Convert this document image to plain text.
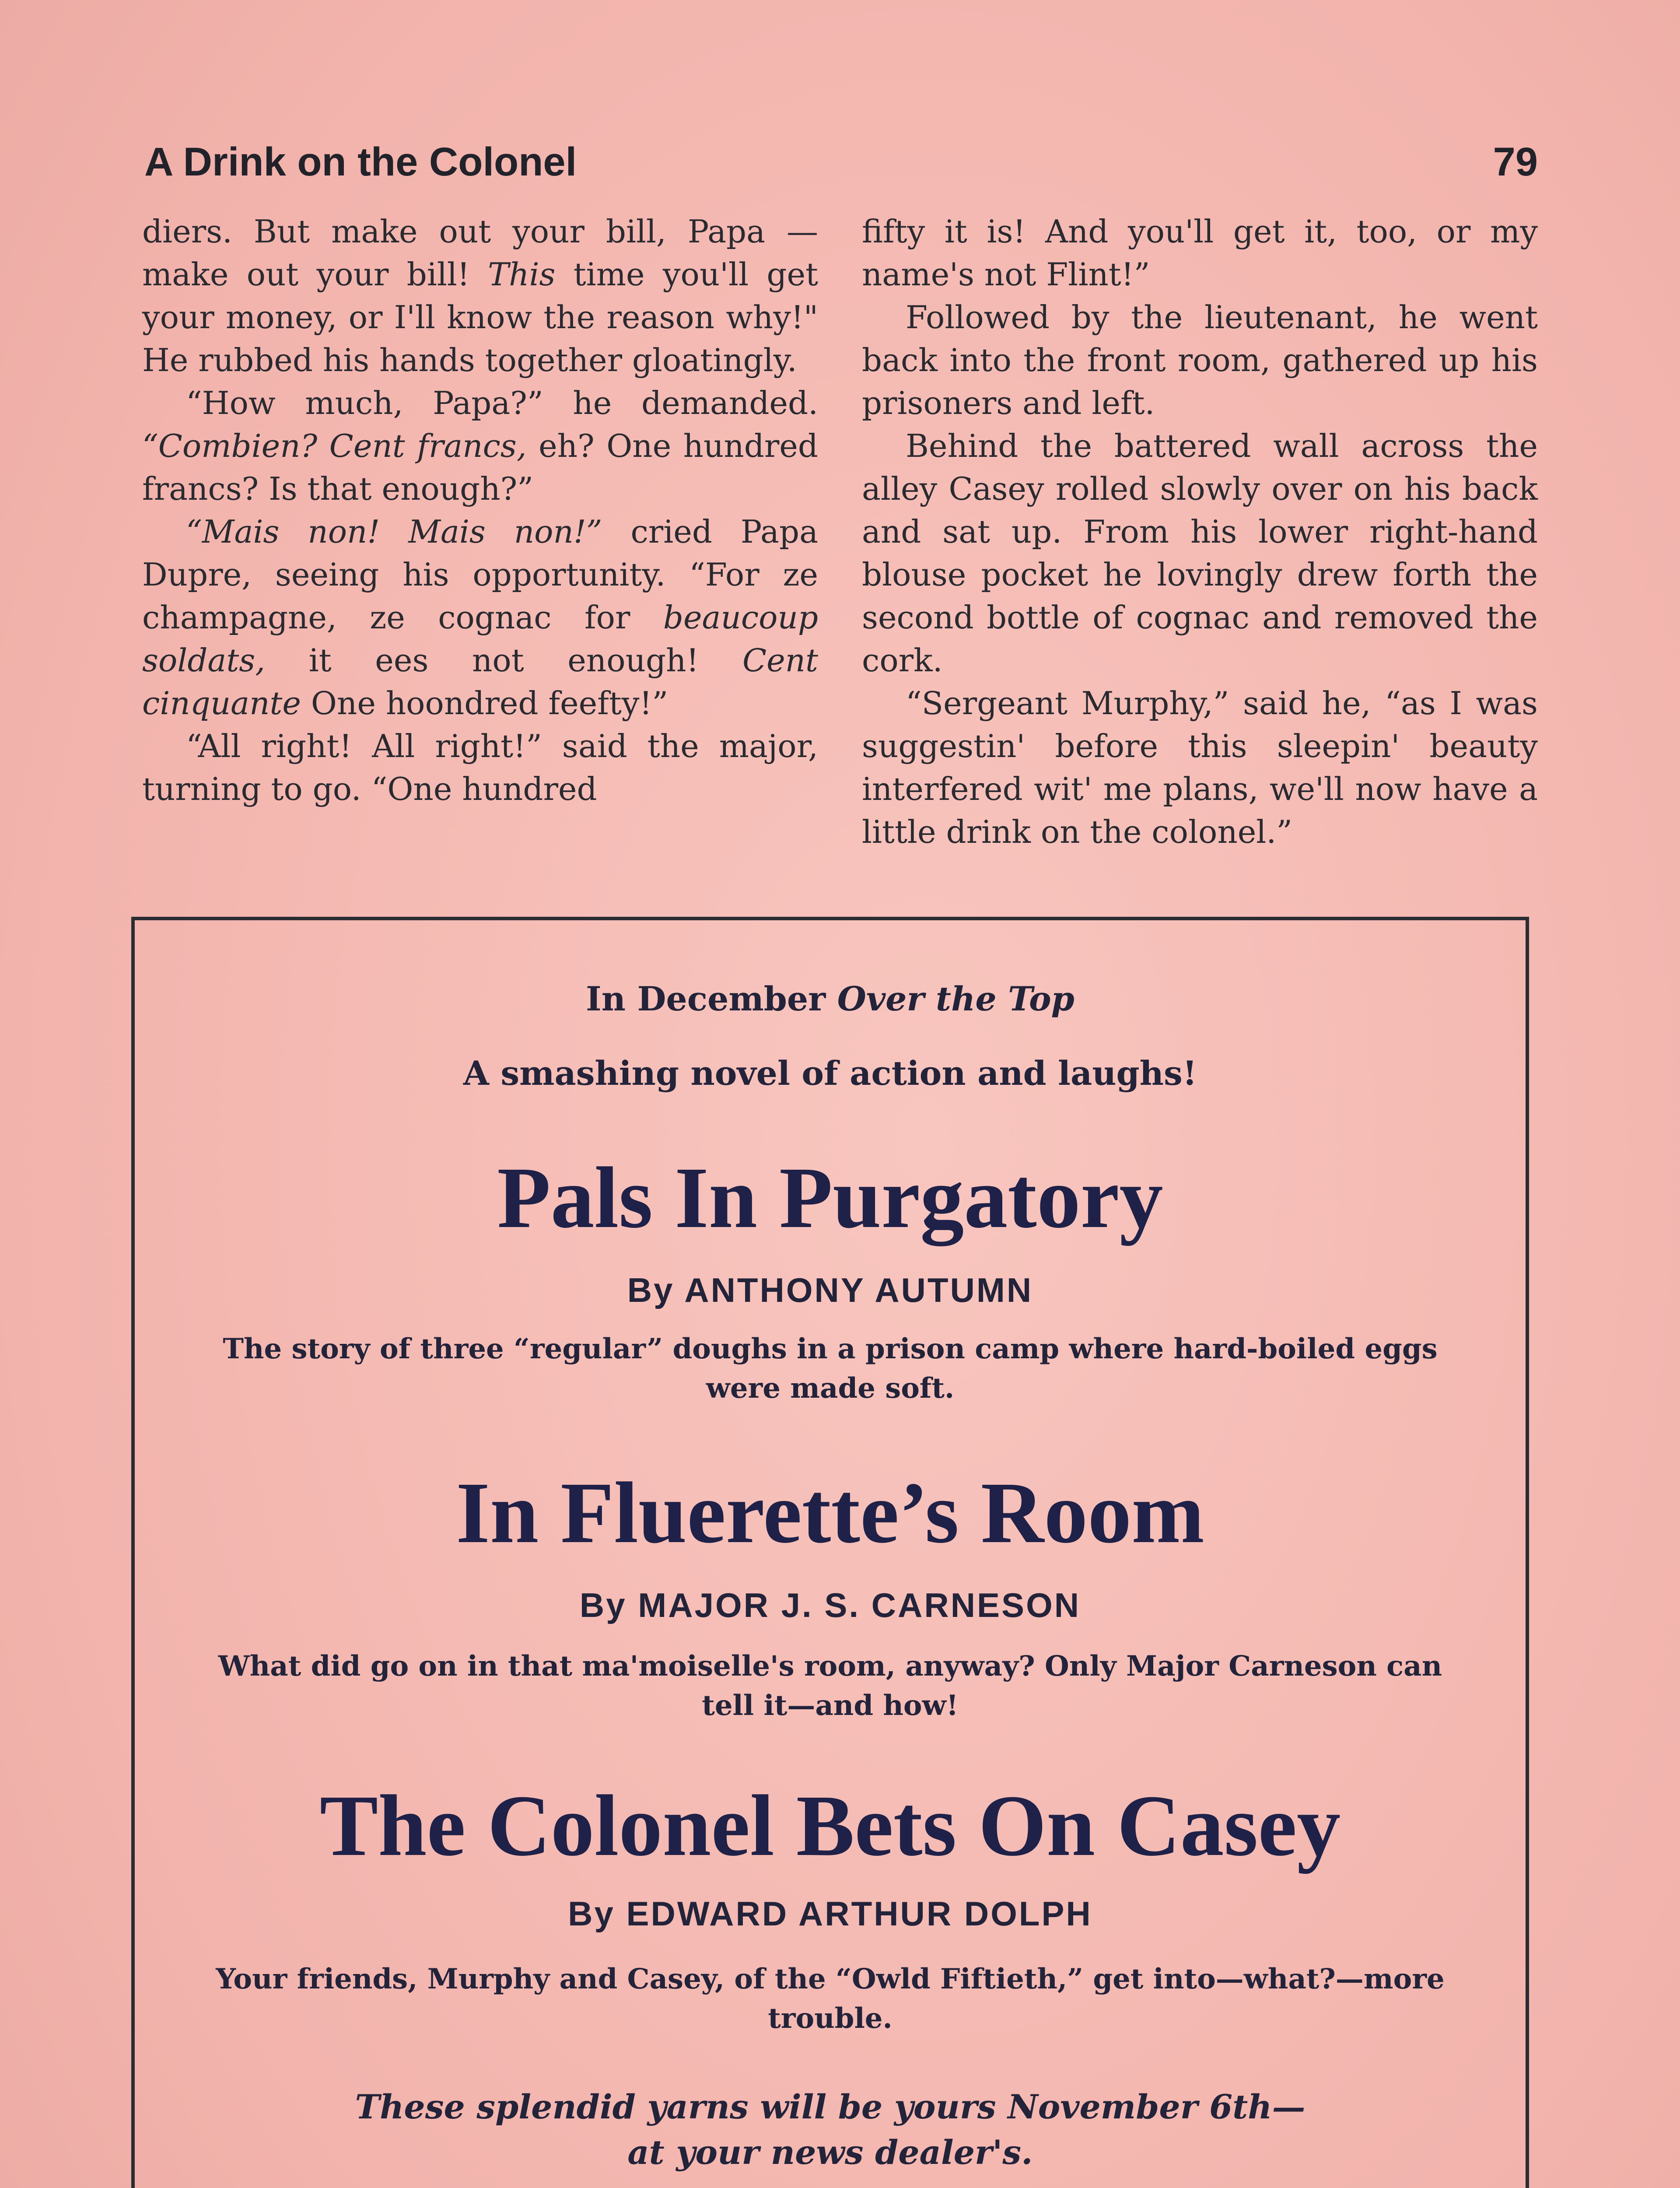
A Drink on the Colonel	79

diers. But make out your bill, Papa —make out your bill! This time you'll get your money, or I'll know the reason why!" He rubbed his hands together gloatingly.

“How much, Papa?” he demanded. “Combien? Cent francs, eh? One hundred francs? Is that enough?”

“Mais non! Mais non!” cried Papa Dupre, seeing his opportunity. “For ze champagne, ze cognac for beaucoup soldats, it ees not enough! Cent cinquante One hoondred feefty!”

“All right! All right!” said the major, turning to go. “One hundred

fifty it is! And you'll get it, too, or my name's not Flint!”

Followed by the lieutenant, he went back into the front room, gathered up his prisoners and left.

Behind the battered wall across the alley Casey rolled slowly over on his back and sat up. From his lower right-hand blouse pocket he lovingly drew forth the second bottle of cognac and removed the cork.

“Sergeant Murphy,” said he, “as I was suggestin' before this sleepin' beauty interfered wit' me plans, we'll now have a little drink on the colonel.”

In December Over the Top

A smashing novel of action and laughs!

Pals In Purgatory

By ANTHONY AUTUMN

The story of three “regular” doughs in a prison camp where hard-boiled eggs were made soft.

In Fluerette’s Room

By MAJOR J. S. CARNESON

What did go on in that ma'moiselle's room, anyway? Only Major Carneson can tell it—and how!

The Colonel Bets On Casey

By EDWARD ARTHUR DOLPH

Your friends, Murphy and Casey, of the “Owld Fiftieth,” get into—what?—more trouble.

These splendid yarns will be yours November 6th—
at your news dealer's.
